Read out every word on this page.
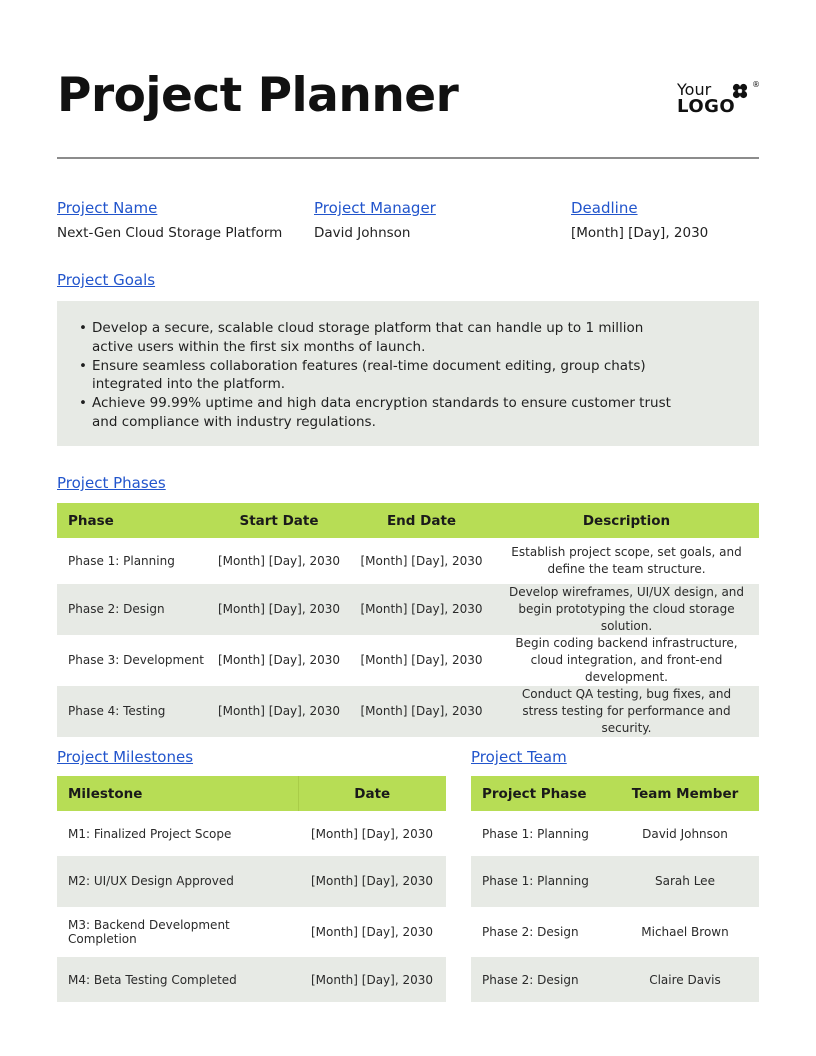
Project Planner	Your	®
LOGO
Project Name
Next-Gen Cloud Storage Platform
Project Manager
David Johnson
Deadline
[Month] [Day], 2030
Project Goals
• Develop a secure, scalable cloud storage platform that can handle up to 1 million active users within the first six months of launch.
• Ensure seamless collaboration features (real-time document editing, group chats) integrated into the platform.
• Achieve 99.99% uptime and high data encryption standards to ensure customer trust and compliance with industry regulations.
Project Phases
Phase	Start Date	End Date	Description
Phase 1: Planning	[Month] [Day], 2030	[Month] [Day], 2030	Establish project scope, set goals, and define the team structure.
Phase 2: Design	[Month] [Day], 2030	[Month] [Day], 2030	Develop wireframes, UI/UX design, and begin prototyping the cloud storage solution.
Phase 3: Development	[Month] [Day], 2030	[Month] [Day], 2030	Begin coding backend infrastructure, cloud integration, and front-end development.
Phase 4: Testing	[Month] [Day], 2030	[Month] [Day], 2030	Conduct QA testing, bug fixes, and stress testing for performance and security.
Project Milestones
Milestone	Date
M1: Finalized Project Scope	[Month] [Day], 2030
M2: UI/UX Design Approved	[Month] [Day], 2030
M3: Backend Development Completion	[Month] [Day], 2030
M4: Beta Testing Completed	[Month] [Day], 2030
Project Team
Project Phase	Team Member
Phase 1: Planning	David Johnson
Phase 1: Planning	Sarah Lee
Phase 2: Design	Michael Brown
Phase 2: Design	Claire Davis
